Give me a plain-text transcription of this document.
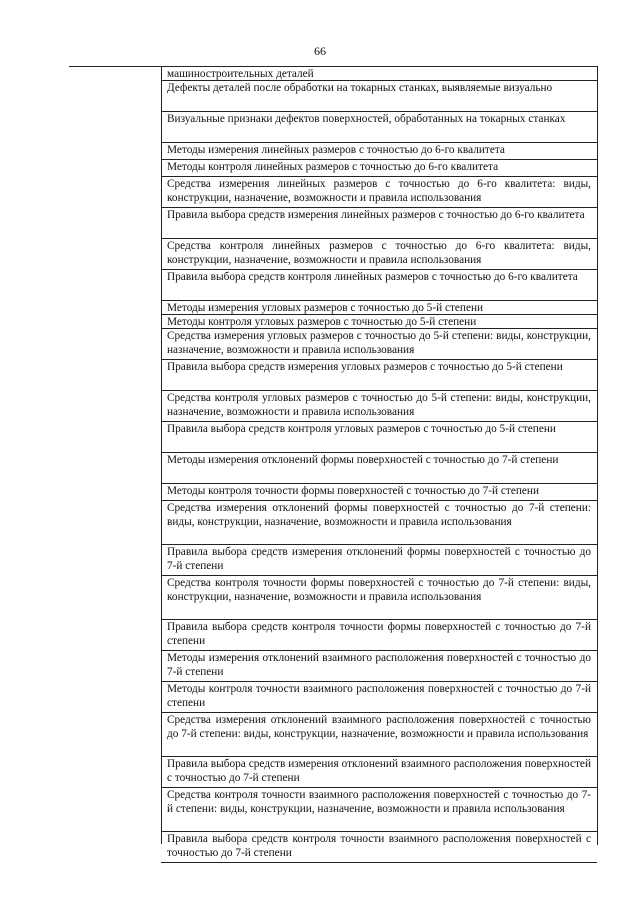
66
машиностроительных деталей
Дефекты деталей после обработки на токарных станках, выявляемые визуально
Визуальные признаки дефектов поверхностей, обработанных на токарных станках
Методы измерения линейных размеров с точностью до 6-го квалитета
Методы контроля линейных размеров с точностью до 6-го квалитета
Средства измерения линейных размеров с точностью до 6-го квалитета: виды, конструкции, назначение, возможности и правила использования
Правила выбора средств измерения линейных размеров с точностью до 6-го квалитета
Средства контроля линейных размеров с точностью до 6-го квалитета: виды, конструкции, назначение, возможности и правила использования
Правила выбора средств контроля линейных размеров с точностью до 6-го квалитета
Методы измерения угловых размеров с точностью до 5-й степени
Методы контроля угловых размеров с точностью до 5-й степени
Средства измерения угловых размеров с точностью до 5-й степени: виды, конструкции, назначение, возможности и правила использования
Правила выбора средств измерения угловых размеров с точностью до 5-й степени
Средства контроля угловых размеров с точностью до 5-й степени: виды, конструкции, назначение, возможности и правила использования
Правила выбора средств контроля угловых размеров с точностью до 5-й степени
Методы измерения отклонений формы поверхностей с точностью до 7-й степени
Методы контроля точности формы поверхностей с точностью до 7-й степени
Средства измерения отклонений формы поверхностей с точностью до 7-й степени: виды, конструкции, назначение, возможности и правила использования
Правила выбора средств измерения отклонений формы поверхностей с точностью до 7-й степени
Средства контроля точности формы поверхностей с точностью до 7-й степени: виды, конструкции, назначение, возможности и правила использования
Правила выбора средств контроля точности формы поверхностей с точностью до 7-й степени
Методы измерения отклонений взаимного расположения поверхностей с точностью до 7-й степени
Методы контроля точности взаимного расположения поверхностей с точностью до 7-й степени
Средства измерения отклонений взаимного расположения поверхностей с точностью до 7-й степени: виды, конструкции, назначение, возможности и правила использования
Правила выбора средств измерения отклонений взаимного расположения поверхностей с точностью до 7-й степени
Средства контроля точности взаимного расположения поверхностей с точностью до 7-й степени: виды, конструкции, назначение, возможности и правила использования
Правила выбора средств контроля точности взаимного расположения поверхностей с точностью до 7-й степени
